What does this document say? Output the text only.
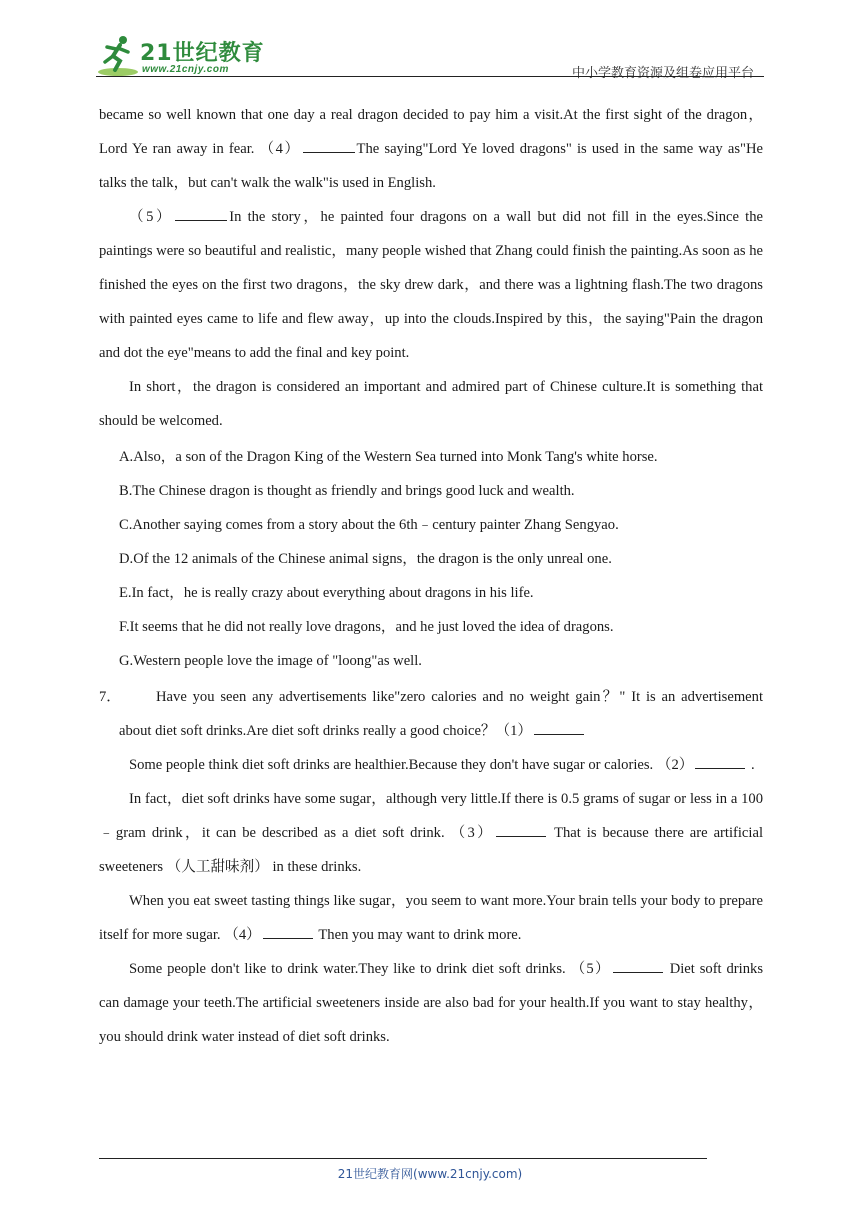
21世纪教育
www.21cnjy.com	中小学教育资源及组卷应用平台

became so well known that one day a real dragon decided to pay him a visit.At the first sight of the dragon， Lord Ye ran away in fear. （4）	The saying"Lord Ye loved dragons" is used in the same way as"He talks the talk，but can't walk the walk"is used in English.

（5）	In the story，he painted four dragons on a wall but did not fill in the eyes.Since the paintings were so beautiful and realistic，many people wished that Zhang could finish the painting.As soon as he finished the eyes on the first two dragons，the sky drew dark，and there was a lightning flash.The two dragons with painted eyes came to life and flew away，up into the clouds.Inspired by this，the saying"Pain the dragon and dot the eye"means to add the final and key point.

In short，the dragon is considered an important and admired part of Chinese culture.It is something that should be welcomed.

A.Also，a son of the Dragon King of the Western Sea turned into Monk Tang's white horse.

B.The Chinese dragon is thought as friendly and brings good luck and wealth.

C.Another saying comes from a story about the 6th﹣century painter Zhang Sengyao.

D.Of the 12 animals of the Chinese animal signs，the dragon is the only unreal one.

E.In fact，he is really crazy about everything about dragons in his life.

F.It seems that he did not really love dragons，and he just loved the idea of dragons.

G.Western people love the image of "loong"as well.

7． Have you seen any advertisements like"zero calories and no weight gain？" It is an advertisement about diet soft drinks.Are diet soft drinks really a good choice？（1）

Some people think diet soft drinks are healthier.Because they don't have sugar or calories. （2）	.

In fact，diet soft drinks have some sugar，although very little.If there is 0.5 grams of sugar or less in a 100﹣gram drink，it can be described as a diet soft drink. （3）	That is because there are artificial sweeteners （人工甜味剂） in these drinks.

When you eat sweet tasting things like sugar，you seem to want more.Your brain tells your body to prepare itself for more sugar. （4）	Then you may want to drink more.

Some people don't like to drink water.They like to drink diet soft drinks. （5）	Diet soft drinks can damage your teeth.The artificial sweeteners inside are also bad for your health.If you want to stay healthy，you should drink water instead of diet soft drinks.

21世纪教育网(www.21cnjy.com)
